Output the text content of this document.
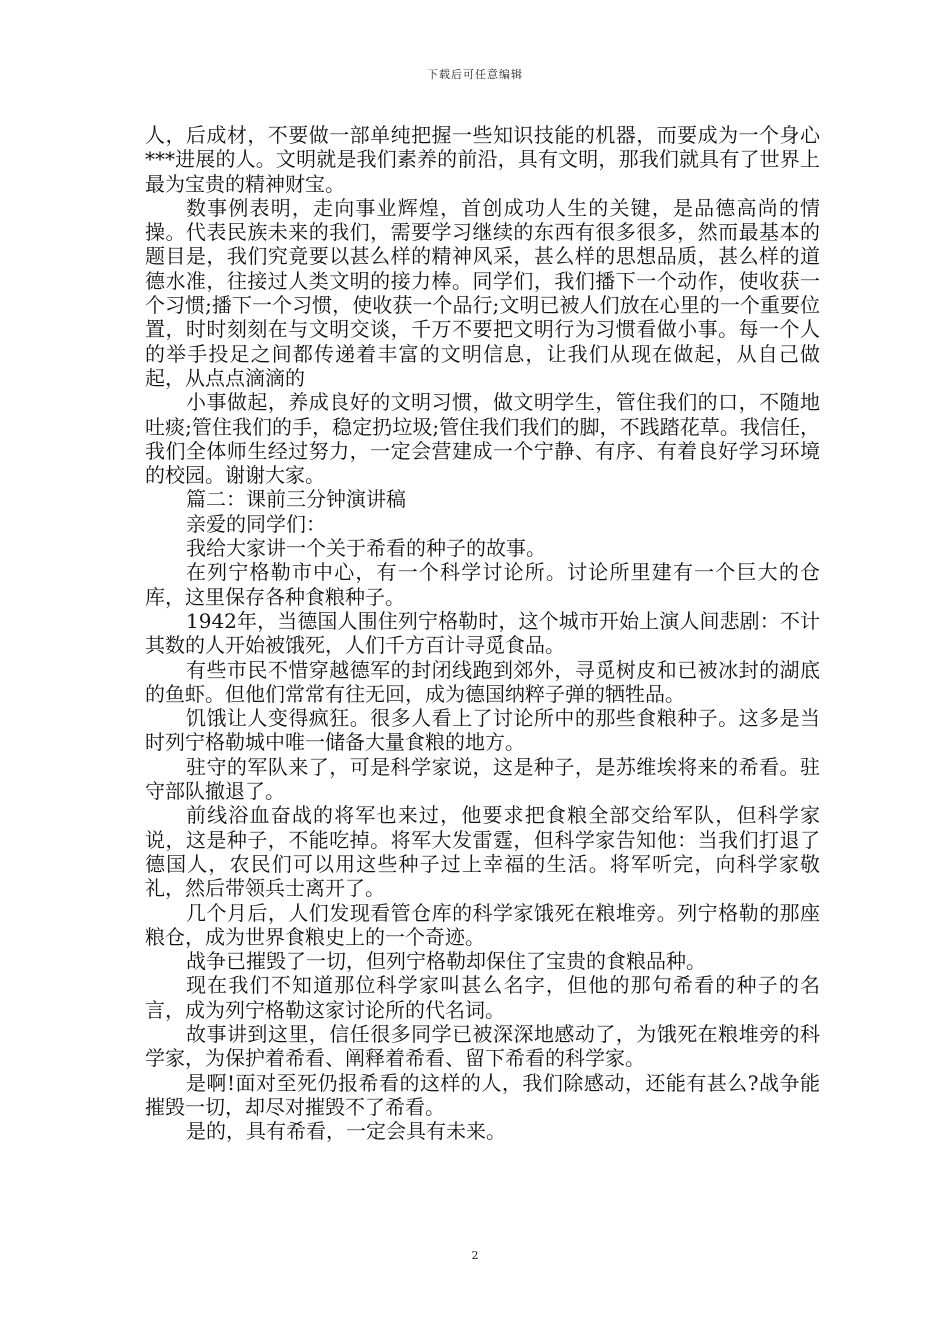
下载后可任意编辑

人，后成材，不要做一部单纯把握一些知识技能的机器，而要成为一个身心***进展的人。文明就是我们素养的前沿，具有文明，那我们就具有了世界上最为宝贵的精神财宝。

数事例表明，走向事业辉煌，首创成功人生的关键，是品德高尚的情操。代表民族未来的我们，需要学习继续的东西有很多很多，然而最基本的题目是，我们究竟要以甚么样的精神风采，甚么样的思想品质，甚么样的道德水准，往接过人类文明的接力棒。同学们，我们播下一个动作，使收获一个习惯;播下一个习惯，使收获一个品行;文明已被人们放在心里的一个重要位置，时时刻刻在与文明交谈，千万不要把文明行为习惯看做小事。每一个人的举手投足之间都传递着丰富的文明信息，让我们从现在做起，从自己做起，从点点滴滴的

小事做起，养成良好的文明习惯，做文明学生，管住我们的口，不随地吐痰;管住我们的手，稳定扔垃圾;管住我们我们的脚，不践踏花草。我信任，我们全体师生经过努力，一定会营建成一个宁静、有序、有着良好学习环境的校园。谢谢大家。

篇二：课前三分钟演讲稿

亲爱的同学们：

我给大家讲一个关于希看的种子的故事。

在列宁格勒市中心，有一个科学讨论所。讨论所里建有一个巨大的仓库，这里保存各种食粮种子。

1942年，当德国人围住列宁格勒时，这个城市开始上演人间悲剧：不计其数的人开始被饿死，人们千方百计寻觅食品。

有些市民不惜穿越德军的封闭线跑到郊外，寻觅树皮和已被冰封的湖底的鱼虾。但他们常常有往无回，成为德国纳粹子弹的牺牲品。

饥饿让人变得疯狂。很多人看上了讨论所中的那些食粮种子。这多是当时列宁格勒城中唯一储备大量食粮的地方。

驻守的军队来了，可是科学家说，这是种子，是苏维埃将来的希看。驻守部队撤退了。

前线浴血奋战的将军也来过，他要求把食粮全部交给军队，但科学家说，这是种子，不能吃掉。将军大发雷霆，但科学家告知他：当我们打退了德国人，农民们可以用这些种子过上幸福的生活。将军听完，向科学家敬礼，然后带领兵士离开了。

几个月后，人们发现看管仓库的科学家饿死在粮堆旁。列宁格勒的那座粮仓，成为世界食粮史上的一个奇迹。

战争已摧毁了一切，但列宁格勒却保住了宝贵的食粮品种。

现在我们不知道那位科学家叫甚么名字，但他的那句希看的种子的名言，成为列宁格勒这家讨论所的代名词。

故事讲到这里，信任很多同学已被深深地感动了，为饿死在粮堆旁的科学家，为保护着希看、阐释着希看、留下希看的科学家。

是啊!面对至死仍报希看的这样的人，我们除感动，还能有甚么?战争能摧毁一切，却尽对摧毁不了希看。

是的，具有希看，一定会具有未来。

2
